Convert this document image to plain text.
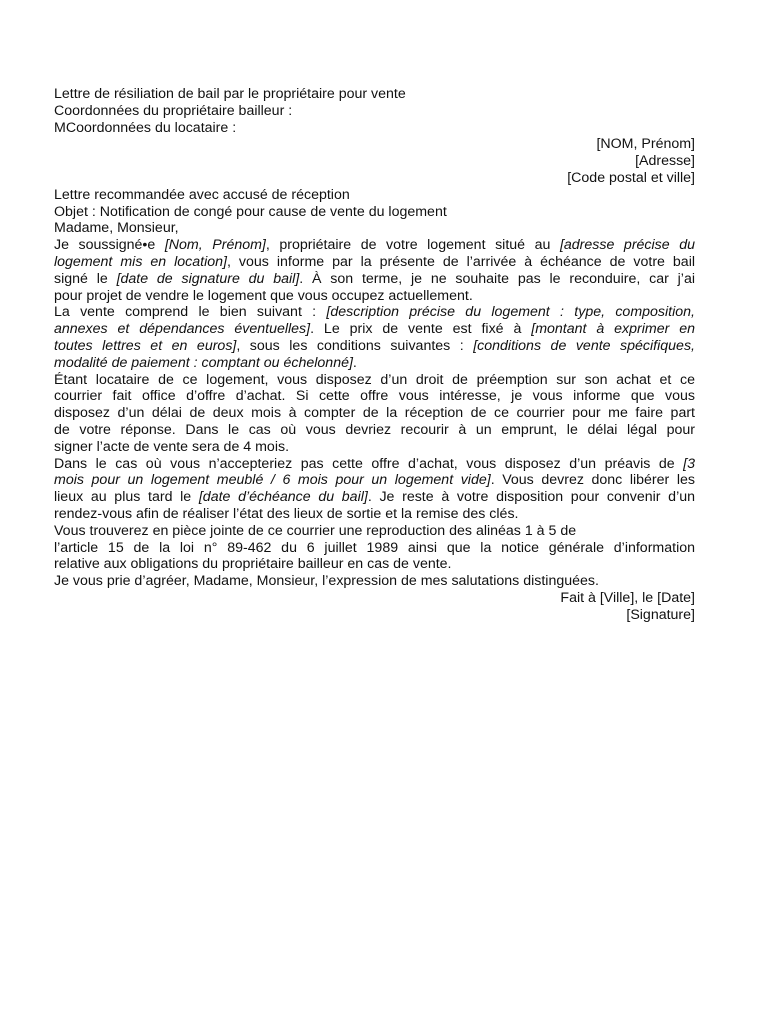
Lettre de résiliation de bail par le propriétaire pour vente
Coordonnées du propriétaire bailleur :
MCoordonnées du locataire :
[NOM, Prénom]
[Adresse]
[Code postal et ville]
Lettre recommandée avec accusé de réception
Objet : Notification de congé pour cause de vente du logement
Madame, Monsieur,
Je soussigné•e [Nom, Prénom], propriétaire de votre logement situé au [adresse précise du
logement mis en location], vous informe par la présente de l’arrivée à échéance de votre bail
signé le [date de signature du bail]. À son terme, je ne souhaite pas le reconduire, car j’ai
pour projet de vendre le logement que vous occupez actuellement.
La vente comprend le bien suivant : [description précise du logement : type, composition,
annexes et dépendances éventuelles]. Le prix de vente est fixé à [montant à exprimer en
toutes lettres et en euros], sous les conditions suivantes : [conditions de vente spécifiques,
modalité de paiement : comptant ou échelonné].
Étant locataire de ce logement, vous disposez d’un droit de préemption sur son achat et ce
courrier fait office d’offre d’achat. Si cette offre vous intéresse, je vous informe que vous
disposez d’un délai de deux mois à compter de la réception de ce courrier pour me faire part
de votre réponse. Dans le cas où vous devriez recourir à un emprunt, le délai légal pour
signer l’acte de vente sera de 4 mois.
Dans le cas où vous n’accepteriez pas cette offre d’achat, vous disposez d’un préavis de [3
mois pour un logement meublé / 6 mois pour un logement vide]. Vous devrez donc libérer les
lieux au plus tard le [date d’échéance du bail]. Je reste à votre disposition pour convenir d’un
rendez-vous afin de réaliser l’état des lieux de sortie et la remise des clés.
Vous trouverez en pièce jointe de ce courrier une reproduction des alinéas 1 à 5 de
l’article 15 de la loi n° 89-462 du 6 juillet 1989 ainsi que la notice générale d’information
relative aux obligations du propriétaire bailleur en cas de vente.
Je vous prie d’agréer, Madame, Monsieur, l’expression de mes salutations distinguées.
Fait à [Ville], le [Date]
[Signature]
